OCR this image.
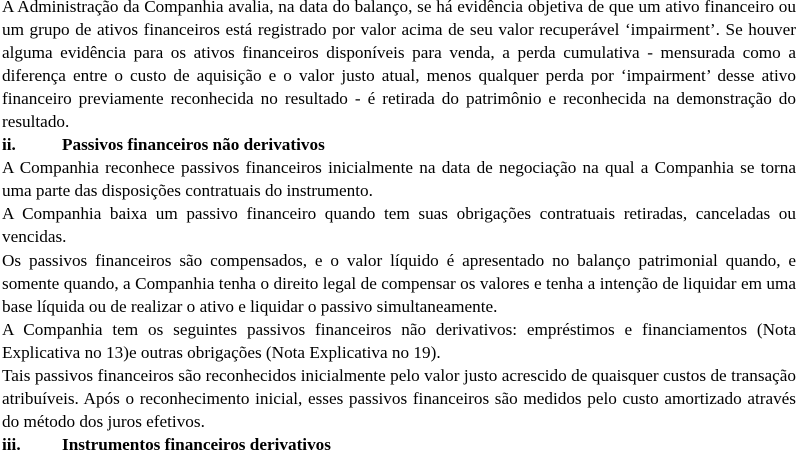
A Administração da Companhia avalia, na data do balanço, se há evidência objetiva de que um ativo financeiro ou um grupo de ativos financeiros está registrado por valor acima de seu valor recuperável ‘impairment’. Se houver alguma evidência para os ativos financeiros disponíveis para venda, a perda cumulativa - mensurada como a diferença entre o custo de aquisição e o valor justo atual, menos qualquer perda por ‘impairment’ desse ativo financeiro previamente reconhecida no resultado - é retirada do patrimônio e reconhecida na demonstração do resultado.

ii.	Passivos financeiros não derivativos

A Companhia reconhece passivos financeiros inicialmente na data de negociação na qual a Companhia se torna uma parte das disposições contratuais do instrumento.

A Companhia baixa um passivo financeiro quando tem suas obrigações contratuais retiradas, canceladas ou vencidas.

Os passivos financeiros são compensados, e o valor líquido é apresentado no balanço patrimonial quando, e somente quando, a Companhia tenha o direito legal de compensar os valores e tenha a intenção de liquidar em uma base líquida ou de realizar o ativo e liquidar o passivo simultaneamente.

A Companhia tem os seguintes passivos financeiros não derivativos: empréstimos e financiamentos (Nota Explicativa no 13)e outras obrigações (Nota Explicativa no 19).

Tais passivos financeiros são reconhecidos inicialmente pelo valor justo acrescido de quaisquer custos de transação atribuíveis. Após o reconhecimento inicial, esses passivos financeiros são medidos pelo custo amortizado através do método dos juros efetivos.

iii.	Instrumentos financeiros derivativos
